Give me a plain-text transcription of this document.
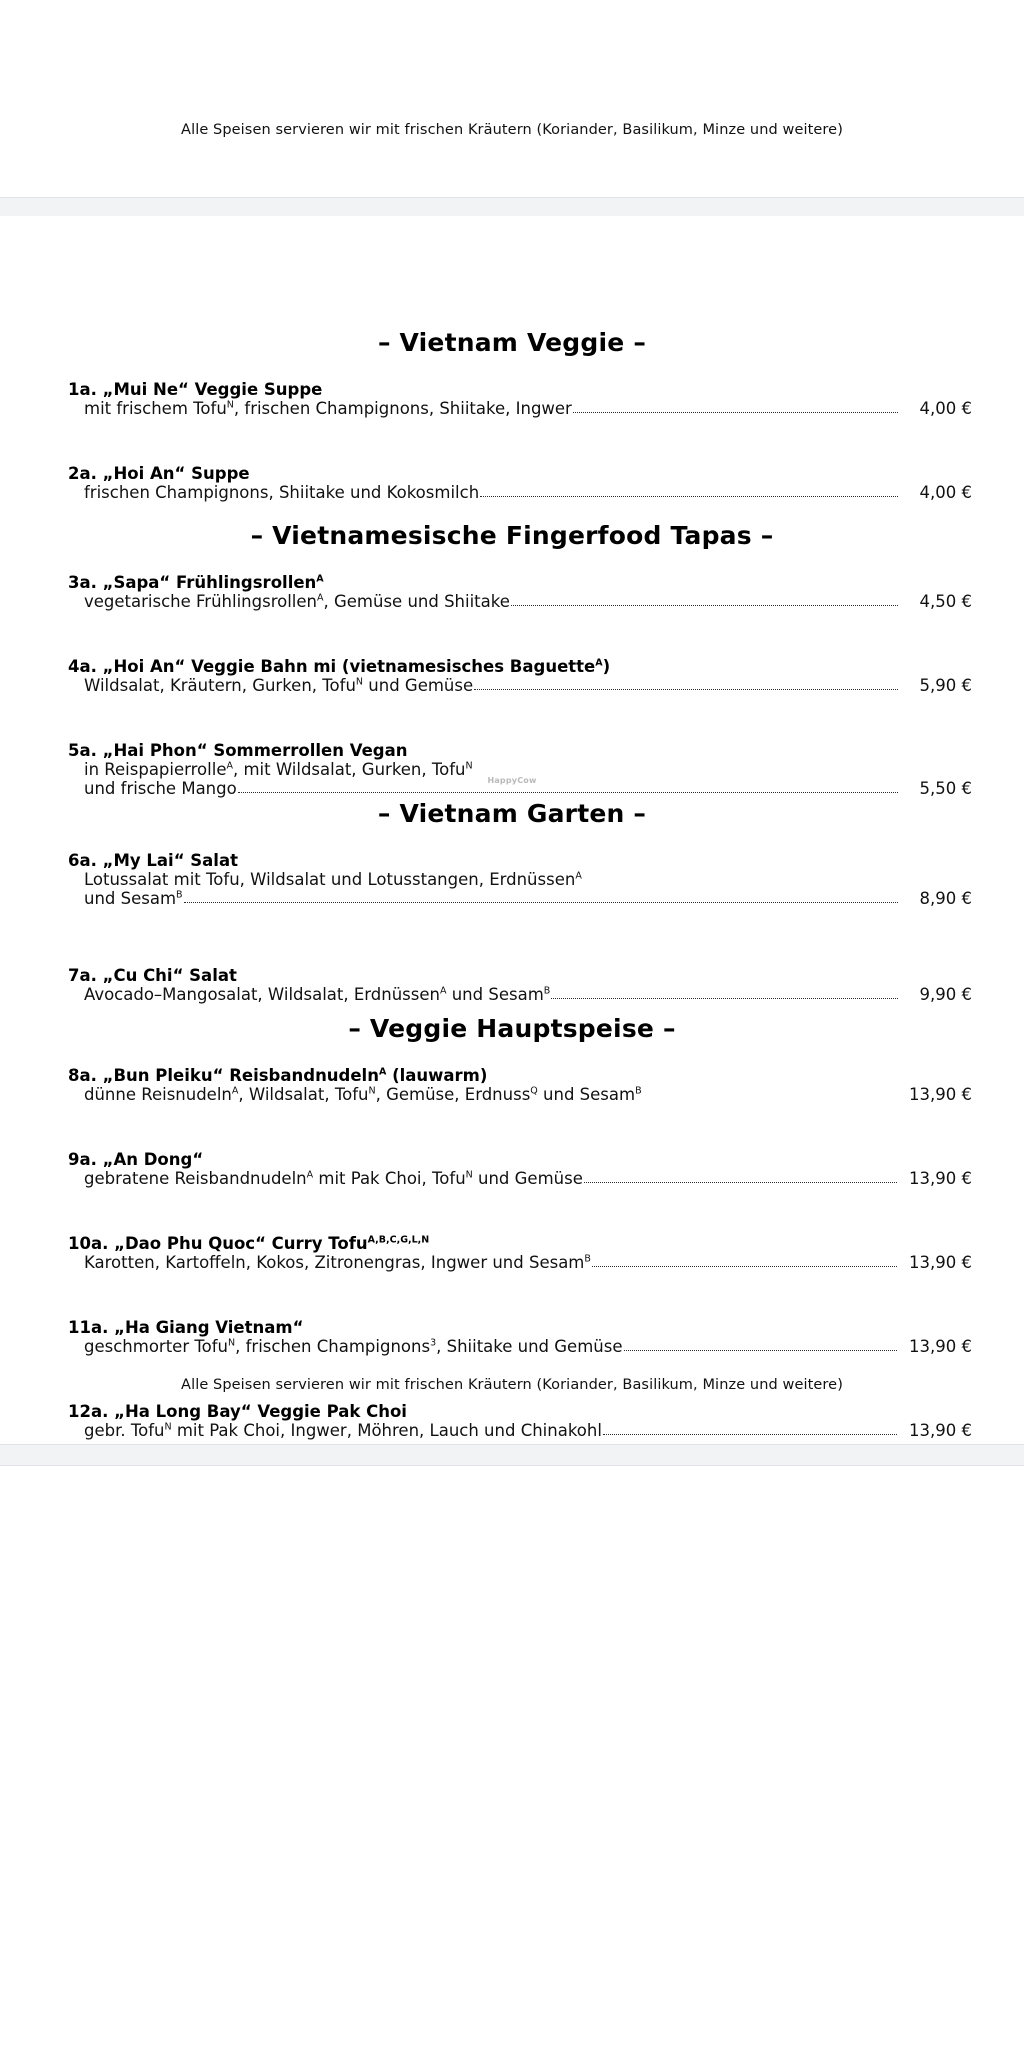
Alle Speisen servieren wir mit frischen Kräutern (Koriander, Basilikum, Minze und weitere)
– Vietnam Veggie –
1a. „Mui Ne“ Veggie Suppe
mit frischem Tofu$^N$, frischen Champignons, Shiitake, Ingwer	4,00 €
2a. „Hoi An“ Suppe
frischen Champignons, Shiitake und Kokosmilch	4,00 €
– Vietnamesische Fingerfood Tapas –
3a. „Sapa“ Frühlingsrollen$^A$
vegetarische Frühlingsrollen$^A$, Gemüse und Shiitake	4,50 €
4a. „Hoi An“ Veggie Bahn mi (vietnamesisches Baguette$^A$)
Wildsalat, Kräutern, Gurken, Tofu$^N$ und Gemüse	5,90 €
5a. „Hai Phon“ Sommerrollen Vegan
in Reispapierrolle$^A$, mit Wildsalat, Gurken, Tofu$^N$
und frische Mango	5,50 €
– Vietnam Garten –
6a. „My Lai“ Salat
Lotussalat mit Tofu, Wildsalat und Lotusstangen, Erdnüssen$^A$
und Sesam$^B$	8,90 €
7a. „Cu Chi“ Salat
Avocado–Mangosalat, Wildsalat, Erdnüssen$^A$ und Sesam$^B$	9,90 €
– Veggie Hauptspeise –
8a. „Bun Pleiku“ Reisbandnudeln$^A$ (lauwarm)
dünne Reisnudeln$^A$, Wildsalat, Tofu$^N$, Gemüse, Erdnuss$^Q$ und Sesam$^B$	13,90 €
9a. „An Dong“
gebratene Reisbandnudeln$^A$ mit Pak Choi, Tofu$^N$ und Gemüse	13,90 €
10a. „Dao Phu Quoc“ Curry Tofu$^{A,B,C,G,L,N}$
Karotten, Kartoffeln, Kokos, Zitronengras, Ingwer und Sesam$^B$	13,90 €
11a. „Ha Giang Vietnam“
geschmorter Tofu$^N$, frischen Champignons$^3$, Shiitake und Gemüse	13,90 €
12a. „Ha Long Bay“ Veggie Pak Choi
gebr. Tofu$^N$ mit Pak Choi, Ingwer, Möhren, Lauch und Chinakohl	13,90 €
HappyCow
Alle Speisen servieren wir mit frischen Kräutern (Koriander, Basilikum, Minze und weitere)
